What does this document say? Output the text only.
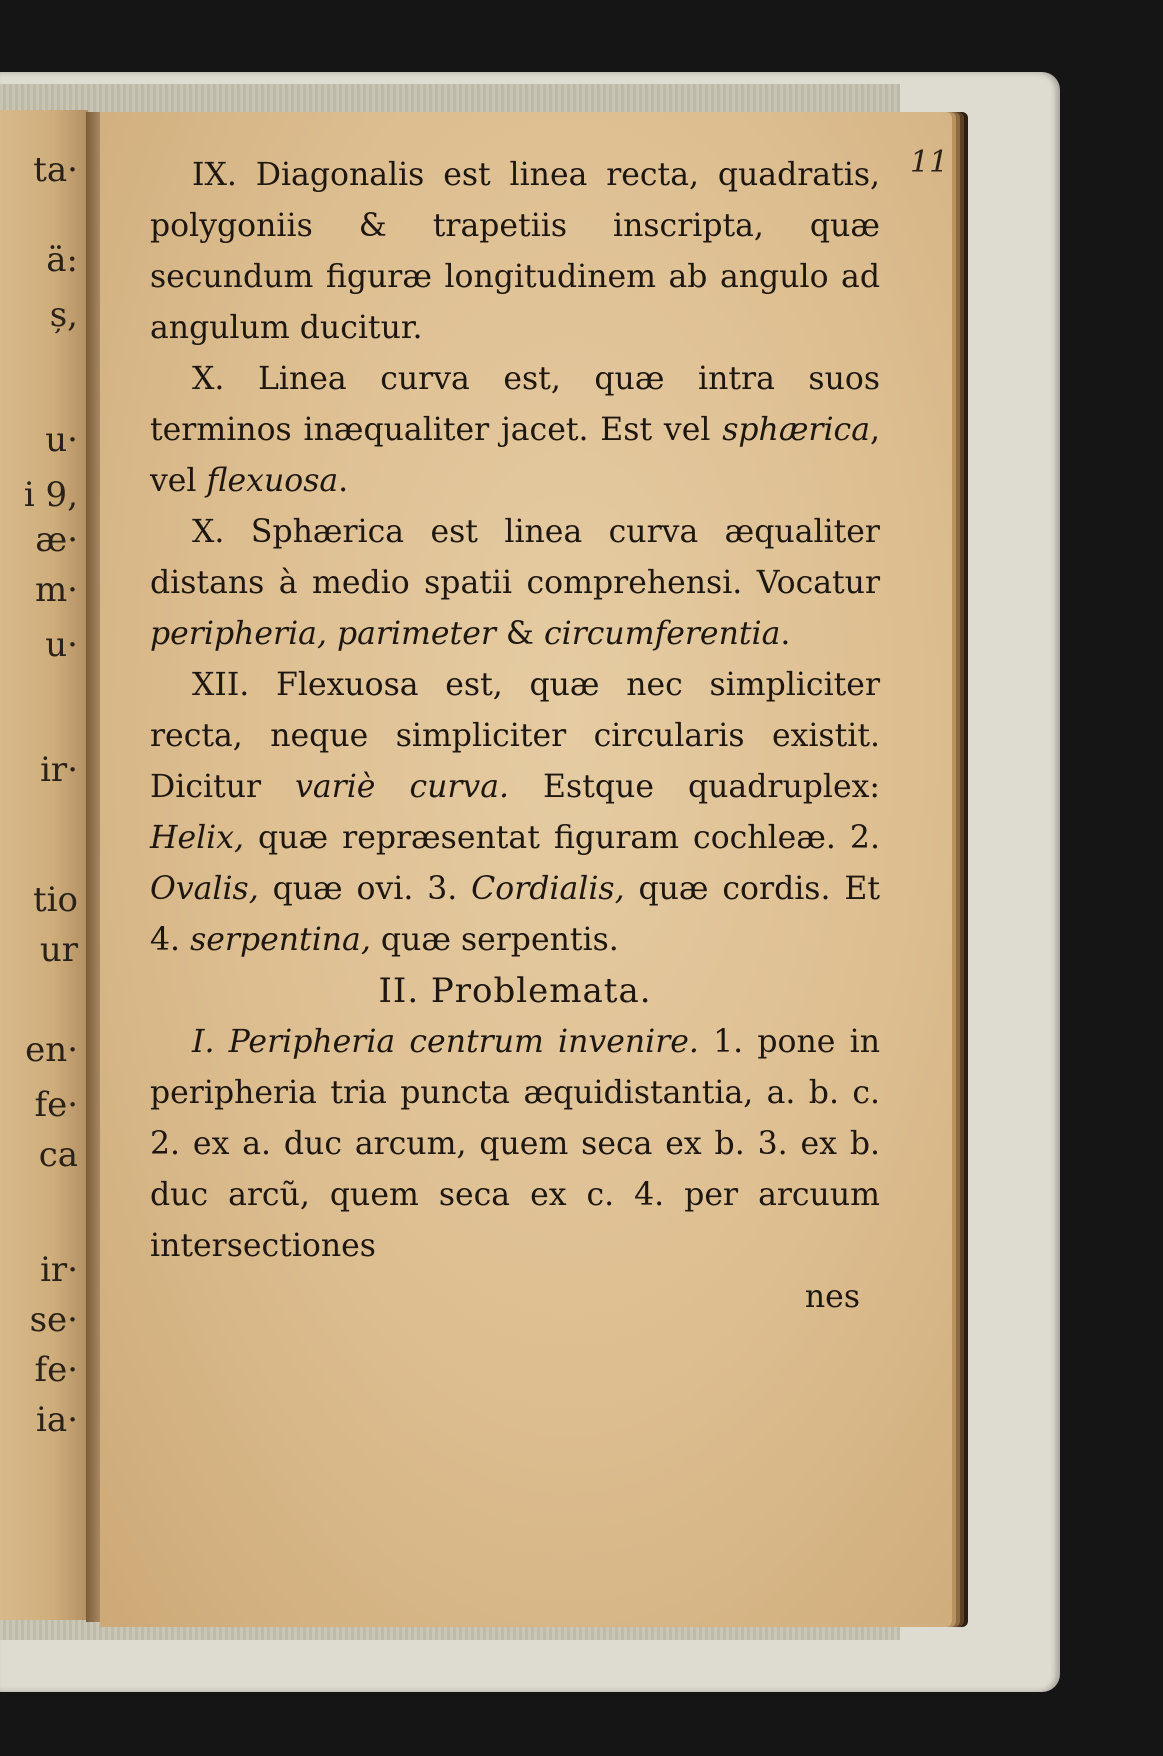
ta·
ä:
ș,
u·
i 9,
æ·
m·
u·
ir·
tio
ur
en·
fe·
ca
ir·
se·
fe·
ia·
11

IX. Diagonalis est linea recta, quadratis, polygoniis & trapetiis inscripta, quæ secundum figuræ longitudinem ab angulo ad angulum ducitur.

X. Linea curva est, quæ intra suos terminos inæqualiter jacet. Est vel sphærica, vel flexuosa.

X. Sphærica est linea curva æqualiter distans à medio spatii comprehensi. Vocatur peripheria, parimeter & circumferentia.

XII. Flexuosa est, quæ nec simpliciter recta, neque simpliciter circularis existit. Dicitur variè curva. Estque quadruplex: Helix, quæ repræsentat figuram cochleæ. 2. Ovalis, quæ ovi. 3. Cordialis, quæ cordis. Et 4. serpentina, quæ serpentis.

II. Problemata.

I. Peripheria centrum invenire. 1. pone in peripheria tria puncta æquidistantia, a. b. c. 2. ex a. duc arcum, quem seca ex b. 3. ex b. duc arcũ, quem seca ex c. 4. per arcuum intersectiones

nes
